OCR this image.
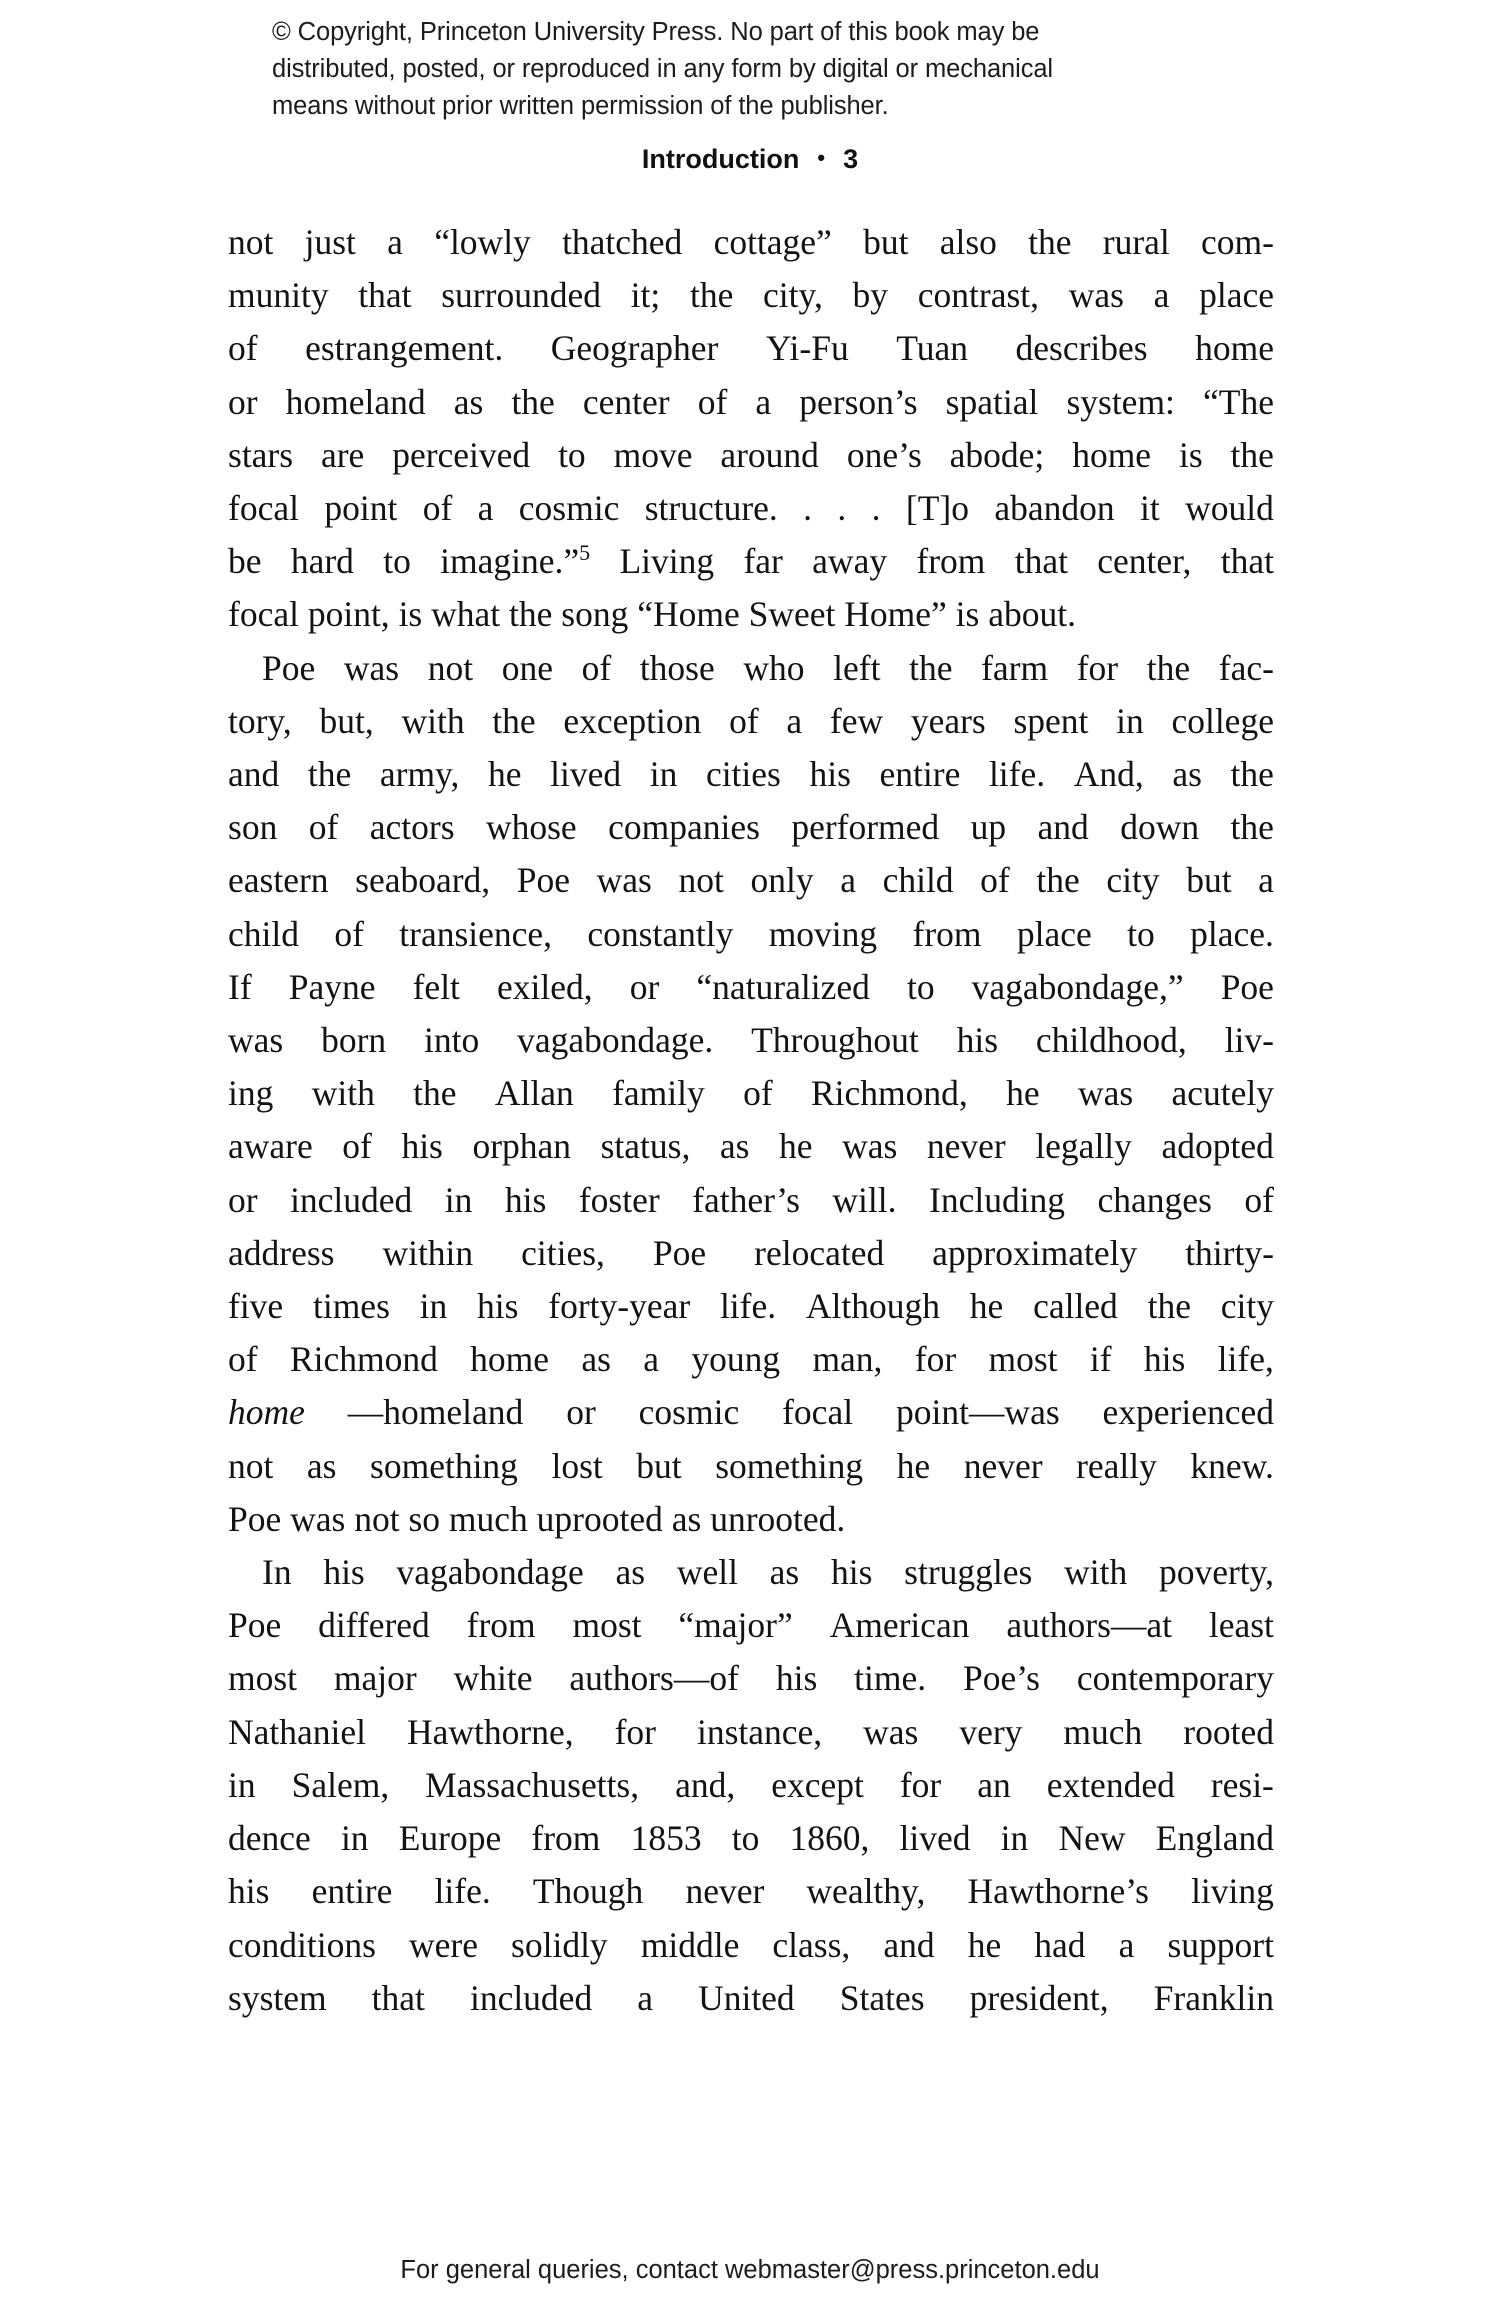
© Copyright, Princeton University Press. No part of this book may be
distributed, posted, or reproduced in any form by digital or mechanical
means without prior written permission of the publisher.
Introduction • 3

not just a “lowly thatched cottage” but also the rural com-
munity that surrounded it; the city, by contrast, was a place
of estrangement. Geographer Yi-Fu Tuan describes home
or homeland as the center of a person’s spatial system: “The
stars are perceived to move around one’s abode; home is the
focal point of a cosmic structure. . . . [T]o abandon it would
be hard to imagine.”$^5$ Living far away from that center, that
focal point, is what the song “Home Sweet Home” is about.

Poe was not one of those who left the farm for the fac-
tory, but, with the exception of a few years spent in college
and the army, he lived in cities his entire life. And, as the
son of actors whose companies performed up and down the
eastern seaboard, Poe was not only a child of the city but a
child of transience, constantly moving from place to place.
If Payne felt exiled, or “naturalized to vagabondage,” Poe
was born into vagabondage. Throughout his childhood, liv-
ing with the Allan family of Richmond, he was acutely
aware of his orphan status, as he was never legally adopted
or included in his foster father’s will. Including changes of
address within cities, Poe relocated approximately thirty-
five times in his forty-year life. Although he called the city
of Richmond home as a young man, for most if his life,
home —homeland or cosmic focal point—was experienced
not as something lost but something he never really knew.
Poe was not so much uprooted as unrooted.

In his vagabondage as well as his struggles with poverty,
Poe differed from most “major” American authors—at least
most major white authors—of his time. Poe’s contemporary
Nathaniel Hawthorne, for instance, was very much rooted
in Salem, Massachusetts, and, except for an extended resi-
dence in Europe from 1853 to 1860, lived in New England
his entire life. Though never wealthy, Hawthorne’s living
conditions were solidly middle class, and he had a support
system that included a United States president, Franklin

For general queries, contact webmaster@press.princeton.edu
